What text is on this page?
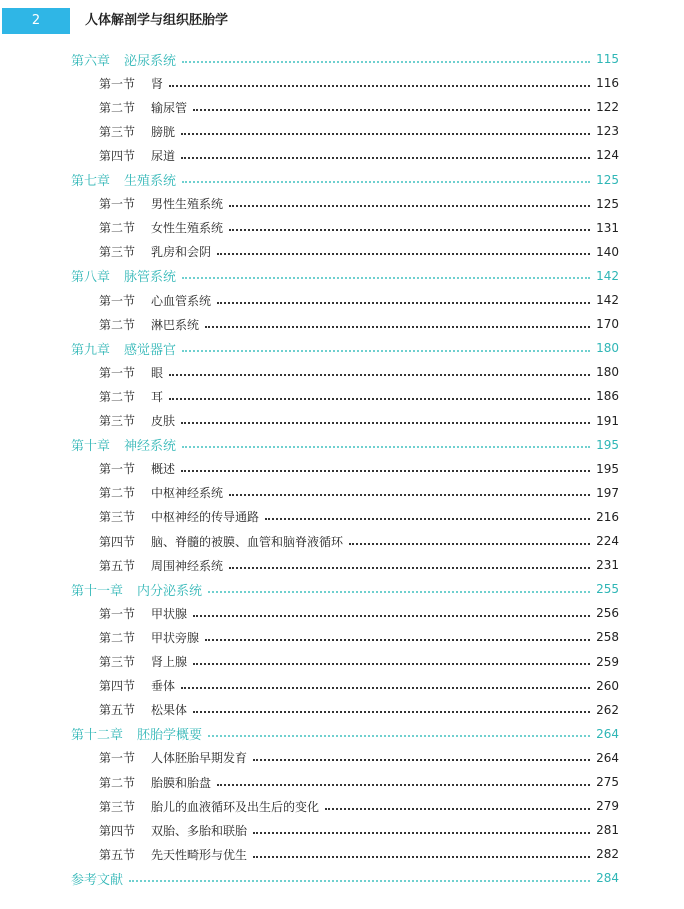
2	人体解剖学与组织胚胎学
第六章 泌尿系统	115
第一节 肾	116
第二节 输尿管	122
第三节 膀胱	123
第四节 尿道	124
第七章 生殖系统	125
第一节 男性生殖系统	125
第二节 女性生殖系统	131
第三节 乳房和会阴	140
第八章 脉管系统	142
第一节 心血管系统	142
第二节 淋巴系统	170
第九章 感觉器官	180
第一节 眼	180
第二节 耳	186
第三节 皮肤	191
第十章 神经系统	195
第一节 概述	195
第二节 中枢神经系统	197
第三节 中枢神经的传导通路	216
第四节 脑、脊髓的被膜、血管和脑脊液循环	224
第五节 周围神经系统	231
第十一章 内分泌系统	255
第一节 甲状腺	256
第二节 甲状旁腺	258
第三节 肾上腺	259
第四节 垂体	260
第五节 松果体	262
第十二章 胚胎学概要	264
第一节 人体胚胎早期发育	264
第二节 胎膜和胎盘	275
第三节 胎儿的血液循环及出生后的变化	279
第四节 双胎、多胎和联胎	281
第五节 先天性畸形与优生	282
参考文献	284
